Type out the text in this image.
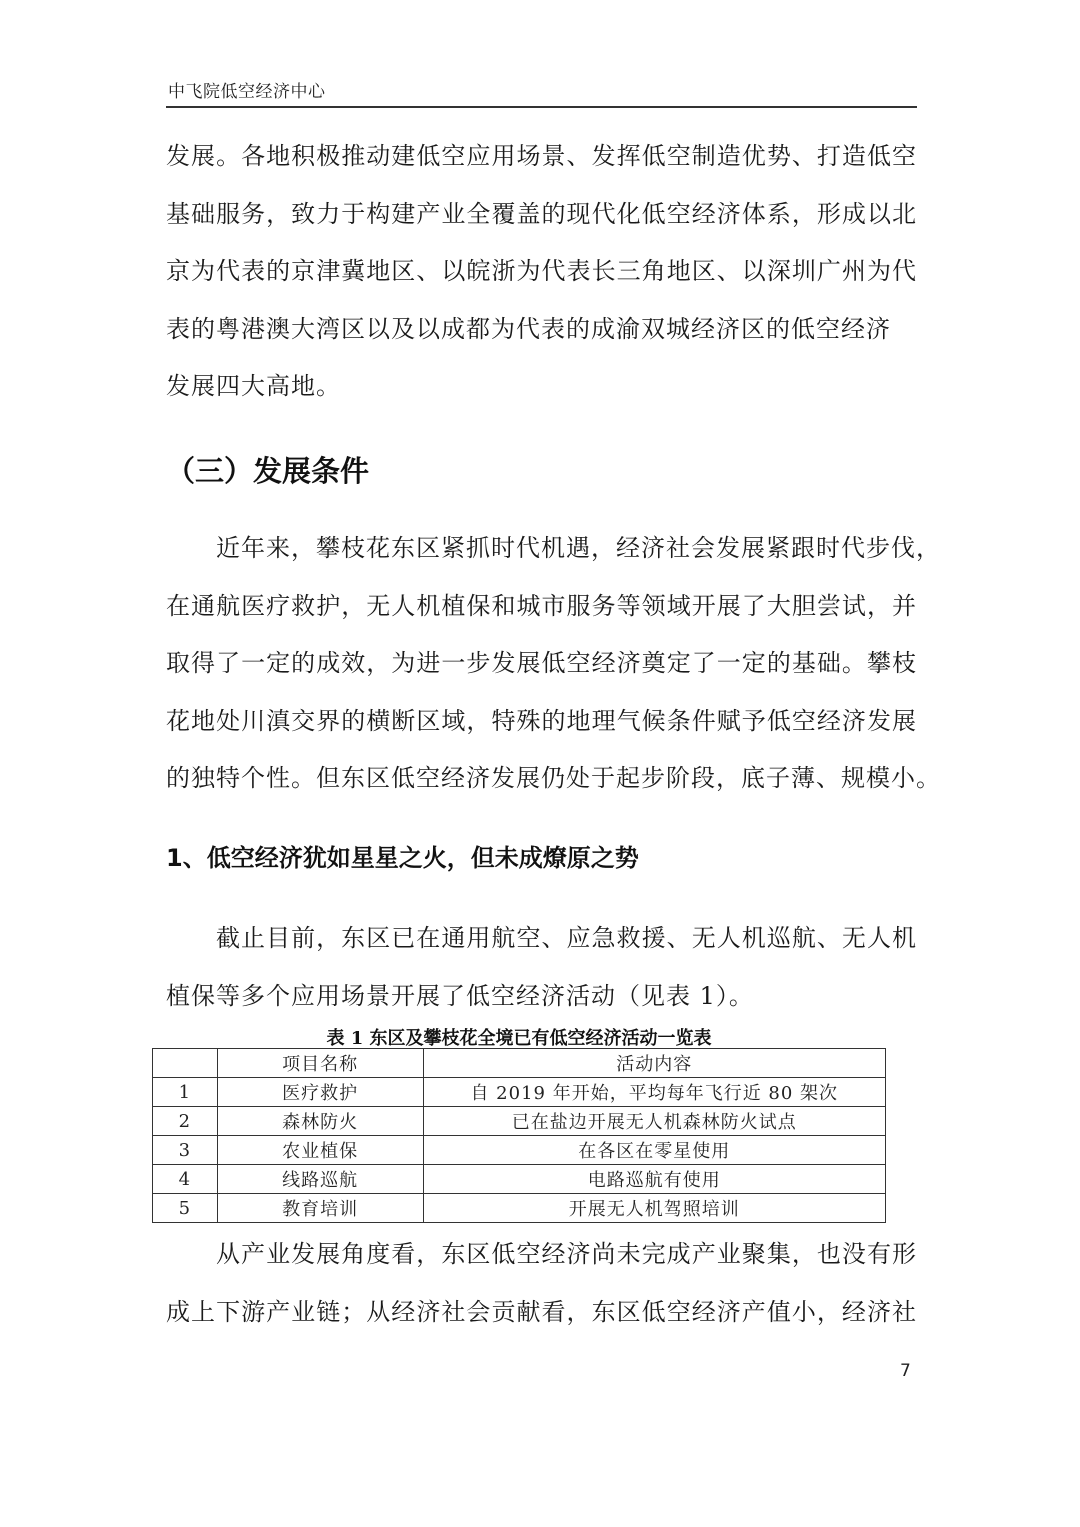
中飞院低空经济中心
发展。各地积极推动建低空应用场景、发挥低空制造优势、打造低空
基础服务，致力于构建产业全覆盖的现代化低空经济体系，形成以北
京为代表的京津冀地区、以皖浙为代表长三角地区、以深圳广州为代
表的粤港澳大湾区以及以成都为代表的成渝双城经济区的低空经济
发展四大高地。
（三）发展条件
近年来，攀枝花东区紧抓时代机遇，经济社会发展紧跟时代步伐，
在通航医疗救护，无人机植保和城市服务等领域开展了大胆尝试，并
取得了一定的成效，为进一步发展低空经济奠定了一定的基础。攀枝
花地处川滇交界的横断区域，特殊的地理气候条件赋予低空经济发展
的独特个性。但东区低空经济发展仍处于起步阶段，底子薄、规模小。
1、低空经济犹如星星之火，但未成燎原之势
截止目前，东区已在通用航空、应急救援、无人机巡航、无人机
植保等多个应用场景开展了低空经济活动（见表 1）。
表 1 东区及攀枝花全境已有低空经济活动一览表
	项目名称	活动内容
1	医疗救护	自 2019 年开始，平均每年飞行近 80 架次
2	森林防火	已在盐边开展无人机森林防火试点
3	农业植保	在各区在零星使用
4	线路巡航	电路巡航有使用
5	教育培训	开展无人机驾照培训
从产业发展角度看，东区低空经济尚未完成产业聚集，也没有形
成上下游产业链；从经济社会贡献看，东区低空经济产值小，经济社
7
